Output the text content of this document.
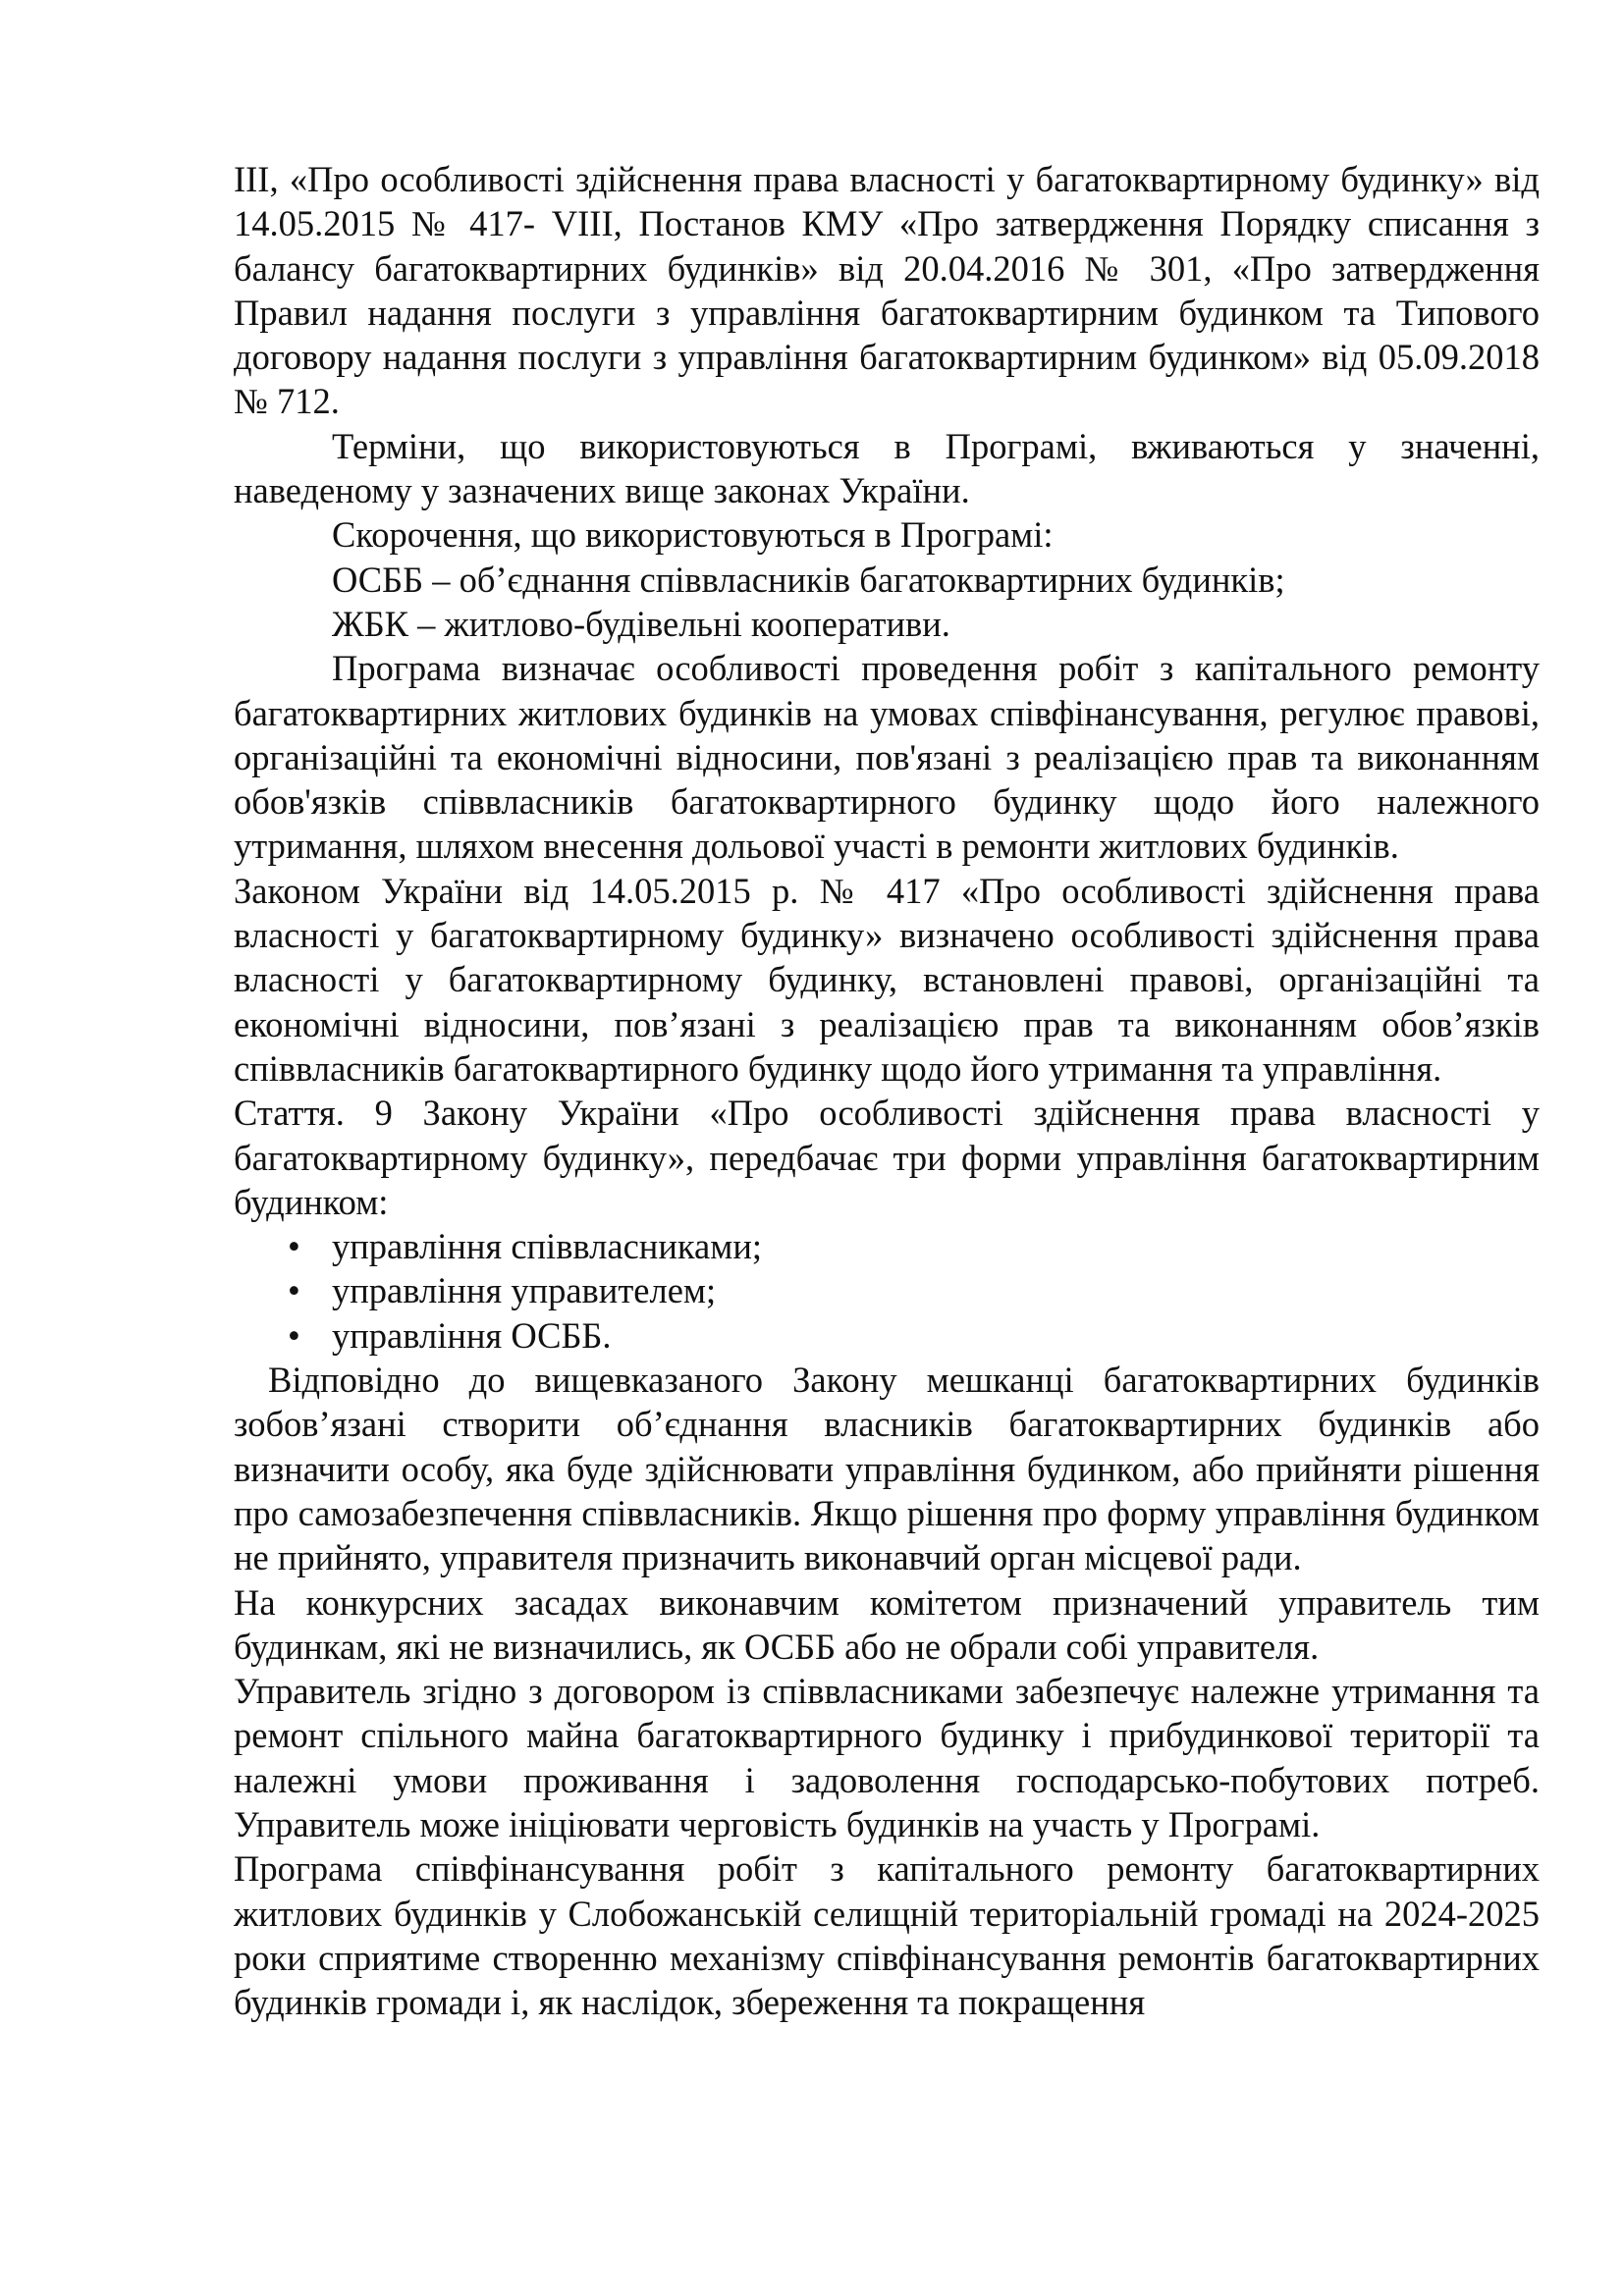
ІІІ, «Про особливості здійснення права власності у багатоквартирному будинку» від 14.05.2015 № 417- VІІІ, Постанов КМУ «Про затвердження Порядку списання з балансу багатоквартирних будинків» від 20.04.2016 № 301, «Про затвердження Правил надання послуги з управління багатоквартирним будинком та Типового договору надання послуги з управління багатоквартирним будинком» від 05.09.2018 № 712.

Терміни, що використовуються в Програмі, вживаються у значенні, наведеному у зазначених вище законах України.

Скорочення, що використовуються в Програмі:

ОСББ – об’єднання співвласників багатоквартирних будинків;

ЖБК – житлово-будівельні кооперативи.

Програма визначає особливості проведення робіт з капітального ремонту багатоквартирних житлових будинків на умовах співфінансування, регулює правові, організаційні та економічні відносини, пов'язані з реалізацією прав та виконанням обов'язків співвласників багатоквартирного будинку щодо його належного утримання, шляхом внесення дольової участі в ремонти житлових будинків.

Законом України від 14.05.2015 р. № 417 «Про особливості здійснення права власності у багатоквартирному будинку» визначено особливості здійснення права власності у багатоквартирному будинку, встановлені правові, організаційні та економічні відносини, пов’язані з реалізацією прав та виконанням обов’язків співвласників багатоквартирного будинку щодо його утримання та управління.

Стаття. 9 Закону України «Про особливості здійснення права власності у багатоквартирному будинку», передбачає три форми управління багатоквартирним будинком:

• управління співвласниками;
• управління управителем;
• управління ОСББ.

Відповідно до вищевказаного Закону мешканці багатоквартирних будинків зобов’язані створити об’єднання власників багатоквартирних будинків або визначити особу, яка буде здійснювати управління будинком, або прийняти рішення про самозабезпечення співвласників. Якщо рішення про форму управління будинком не прийнято, управителя призначить виконавчий орган місцевої ради.

На конкурсних засадах виконавчим комітетом призначений управитель тим будинкам, які не визначились, як ОСББ або не обрали собі управителя.

Управитель згідно з договором із співвласниками забезпечує належне утримання та ремонт спільного майна багатоквартирного будинку і прибудинкової території та належні умови проживання і задоволення господарсько-побутових потреб. Управитель може ініціювати черговість будинків на участь у Програмі.

Програма співфінансування робіт з капітального ремонту багатоквартирних житлових будинків у Слобожанській селищній територіальній громаді на 2024-2025 роки сприятиме створенню механізму співфінансування ремонтів багатоквартирних будинків громади і, як наслідок, збереження та покращення
